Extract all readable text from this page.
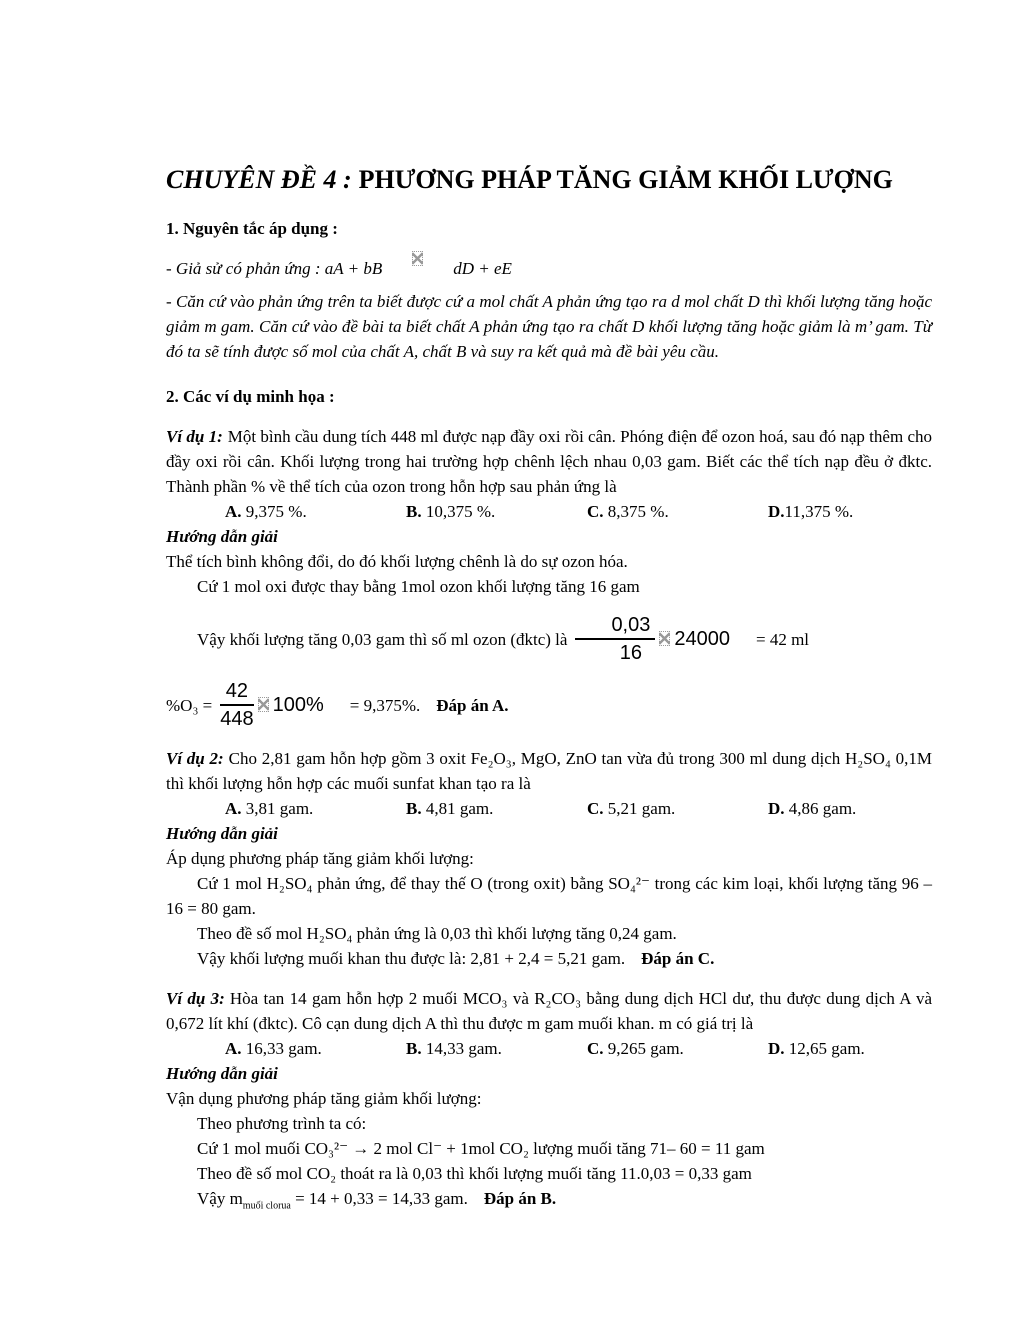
CHUYÊN ĐỀ 4 : PHƯƠNG PHÁP TĂNG GIẢM KHỐI LƯỢNG

1. Nguyên tắc áp dụng :

- Giả sử có phản ứng : aA + bB	dD + eE

- Căn cứ vào phản ứng trên ta biết được cứ a mol chất A phản ứng tạo ra d mol chất D thì khối lượng tăng hoặc giảm m gam. Căn cứ vào đề bài ta biết chất A phản ứng tạo ra chất D khối lượng tăng hoặc giảm là m’ gam. Từ đó ta sẽ tính được số mol của chất A, chất B và suy ra kết quả mà đề bài yêu cầu.

2. Các ví dụ minh họa :

Ví dụ 1: Một bình cầu dung tích 448 ml được nạp đầy oxi rồi cân. Phóng điện để ozon hoá, sau đó nạp thêm cho đầy oxi rồi cân. Khối lượng trong hai trường hợp chênh lệch nhau 0,03 gam. Biết các thể tích nạp đều ở đktc. Thành phần % về thể tích của ozon trong hỗn hợp sau phản ứng là

A. 9,375 %.	B. 10,375 %.	C. 8,375 %.	D.11,375 %.

Hướng dẫn giải

Thể tích bình không đổi, do đó khối lượng chênh là do sự ozon hóa.

Cứ 1 mol oxi được thay bằng 1mol ozon khối lượng tăng 16 gam

Vậy khối lượng tăng 0,03 gam thì số ml ozon (đktc) là $\frac{0,03}{16} 24000 = 42$ ml

$\%O_3 = \frac{42}{448} 100\% = 9,375\%$. Đáp án A.

Ví dụ 2: Cho 2,81 gam hỗn hợp gồm 3 oxit Fe₂O₃, MgO, ZnO tan vừa đủ trong 300 ml dung dịch H₂SO₄ 0,1M thì khối lượng hỗn hợp các muối sunfat khan tạo ra là

A. 3,81 gam.	B. 4,81 gam.	C. 5,21 gam.	D. 4,86 gam.

Hướng dẫn giải

Áp dụng phương pháp tăng giảm khối lượng:

Cứ 1 mol H₂SO₄ phản ứng, để thay thế O (trong oxit) bằng SO₄²⁻ trong các kim loại, khối lượng tăng 96 – 16 = 80 gam.

Theo đề số mol H₂SO₄ phản ứng là 0,03 thì khối lượng tăng 0,24 gam.

Vậy khối lượng muối khan thu được là: 2,81 + 2,4 = 5,21 gam. Đáp án C.

Ví dụ 3: Hòa tan 14 gam hỗn hợp 2 muối MCO₃ và R₂CO₃ bằng dung dịch HCl dư, thu được dung dịch A và 0,672 lít khí (đktc). Cô cạn dung dịch A thì thu được m gam muối khan. m có giá trị là

A. 16,33 gam.	B. 14,33 gam.	C. 9,265 gam.	D. 12,65 gam.

Hướng dẫn giải

Vận dụng phương pháp tăng giảm khối lượng:

Theo phương trình ta có:

Cứ 1 mol muối CO₃²⁻ → 2 mol Cl⁻ + 1mol CO₂ lượng muối tăng 71– 60 = 11 gam

Theo đề số mol CO₂ thoát ra là 0,03 thì khối lượng muối tăng 11.0,03 = 0,33 gam

Vậy $m_{muối clorua} = 14 + 0,33 = 14,33$ gam. Đáp án B.
